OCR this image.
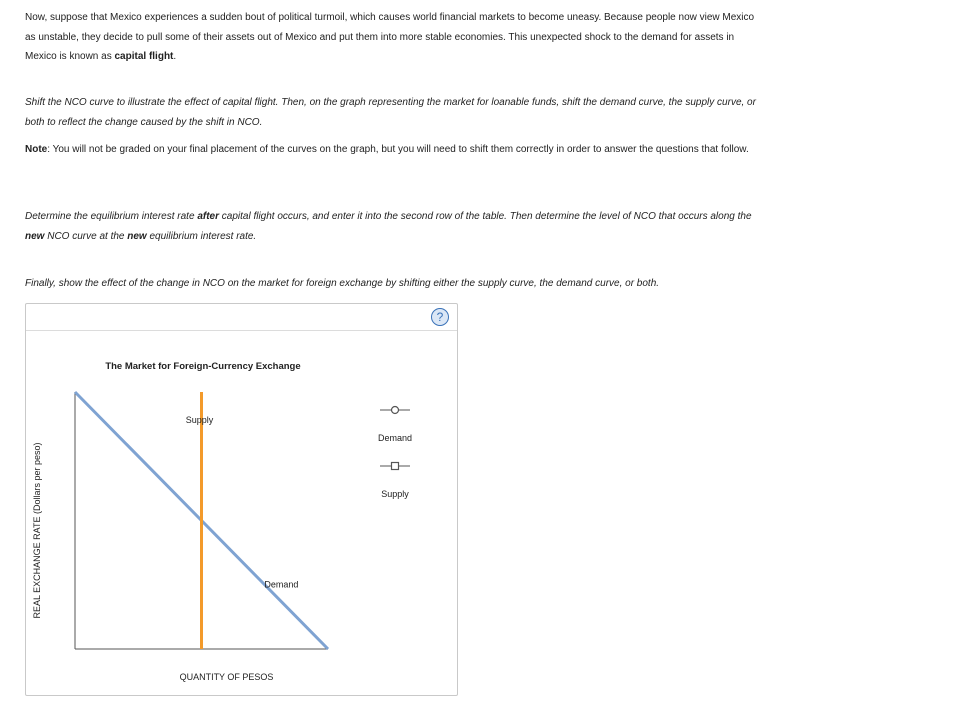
Now, suppose that Mexico experiences a sudden bout of political turmoil, which causes world financial markets to become uneasy. Because people now view Mexico as unstable, they decide to pull some of their assets out of Mexico and put them into more stable economies. This unexpected shock to the demand for assets in Mexico is known as capital flight.

Shift the NCO curve to illustrate the effect of capital flight. Then, on the graph representing the market for loanable funds, shift the demand curve, the supply curve, or both to reflect the change caused by the shift in NCO.

Note: You will not be graded on your final placement of the curves on the graph, but you will need to shift them correctly in order to answer the questions that follow.

Determine the equilibrium interest rate after capital flight occurs, and enter it into the second row of the table. Then determine the level of NCO that occurs along the new NCO curve at the new equilibrium interest rate.

Finally, show the effect of the change in NCO on the market for foreign exchange by shifting either the supply curve, the demand curve, or both.

?
The Market for Foreign-Currency Exchange
REAL EXCHANGE RATE (Dollars per peso)
QUANTITY OF PESOS
Demand
Supply
Demand
Supply
